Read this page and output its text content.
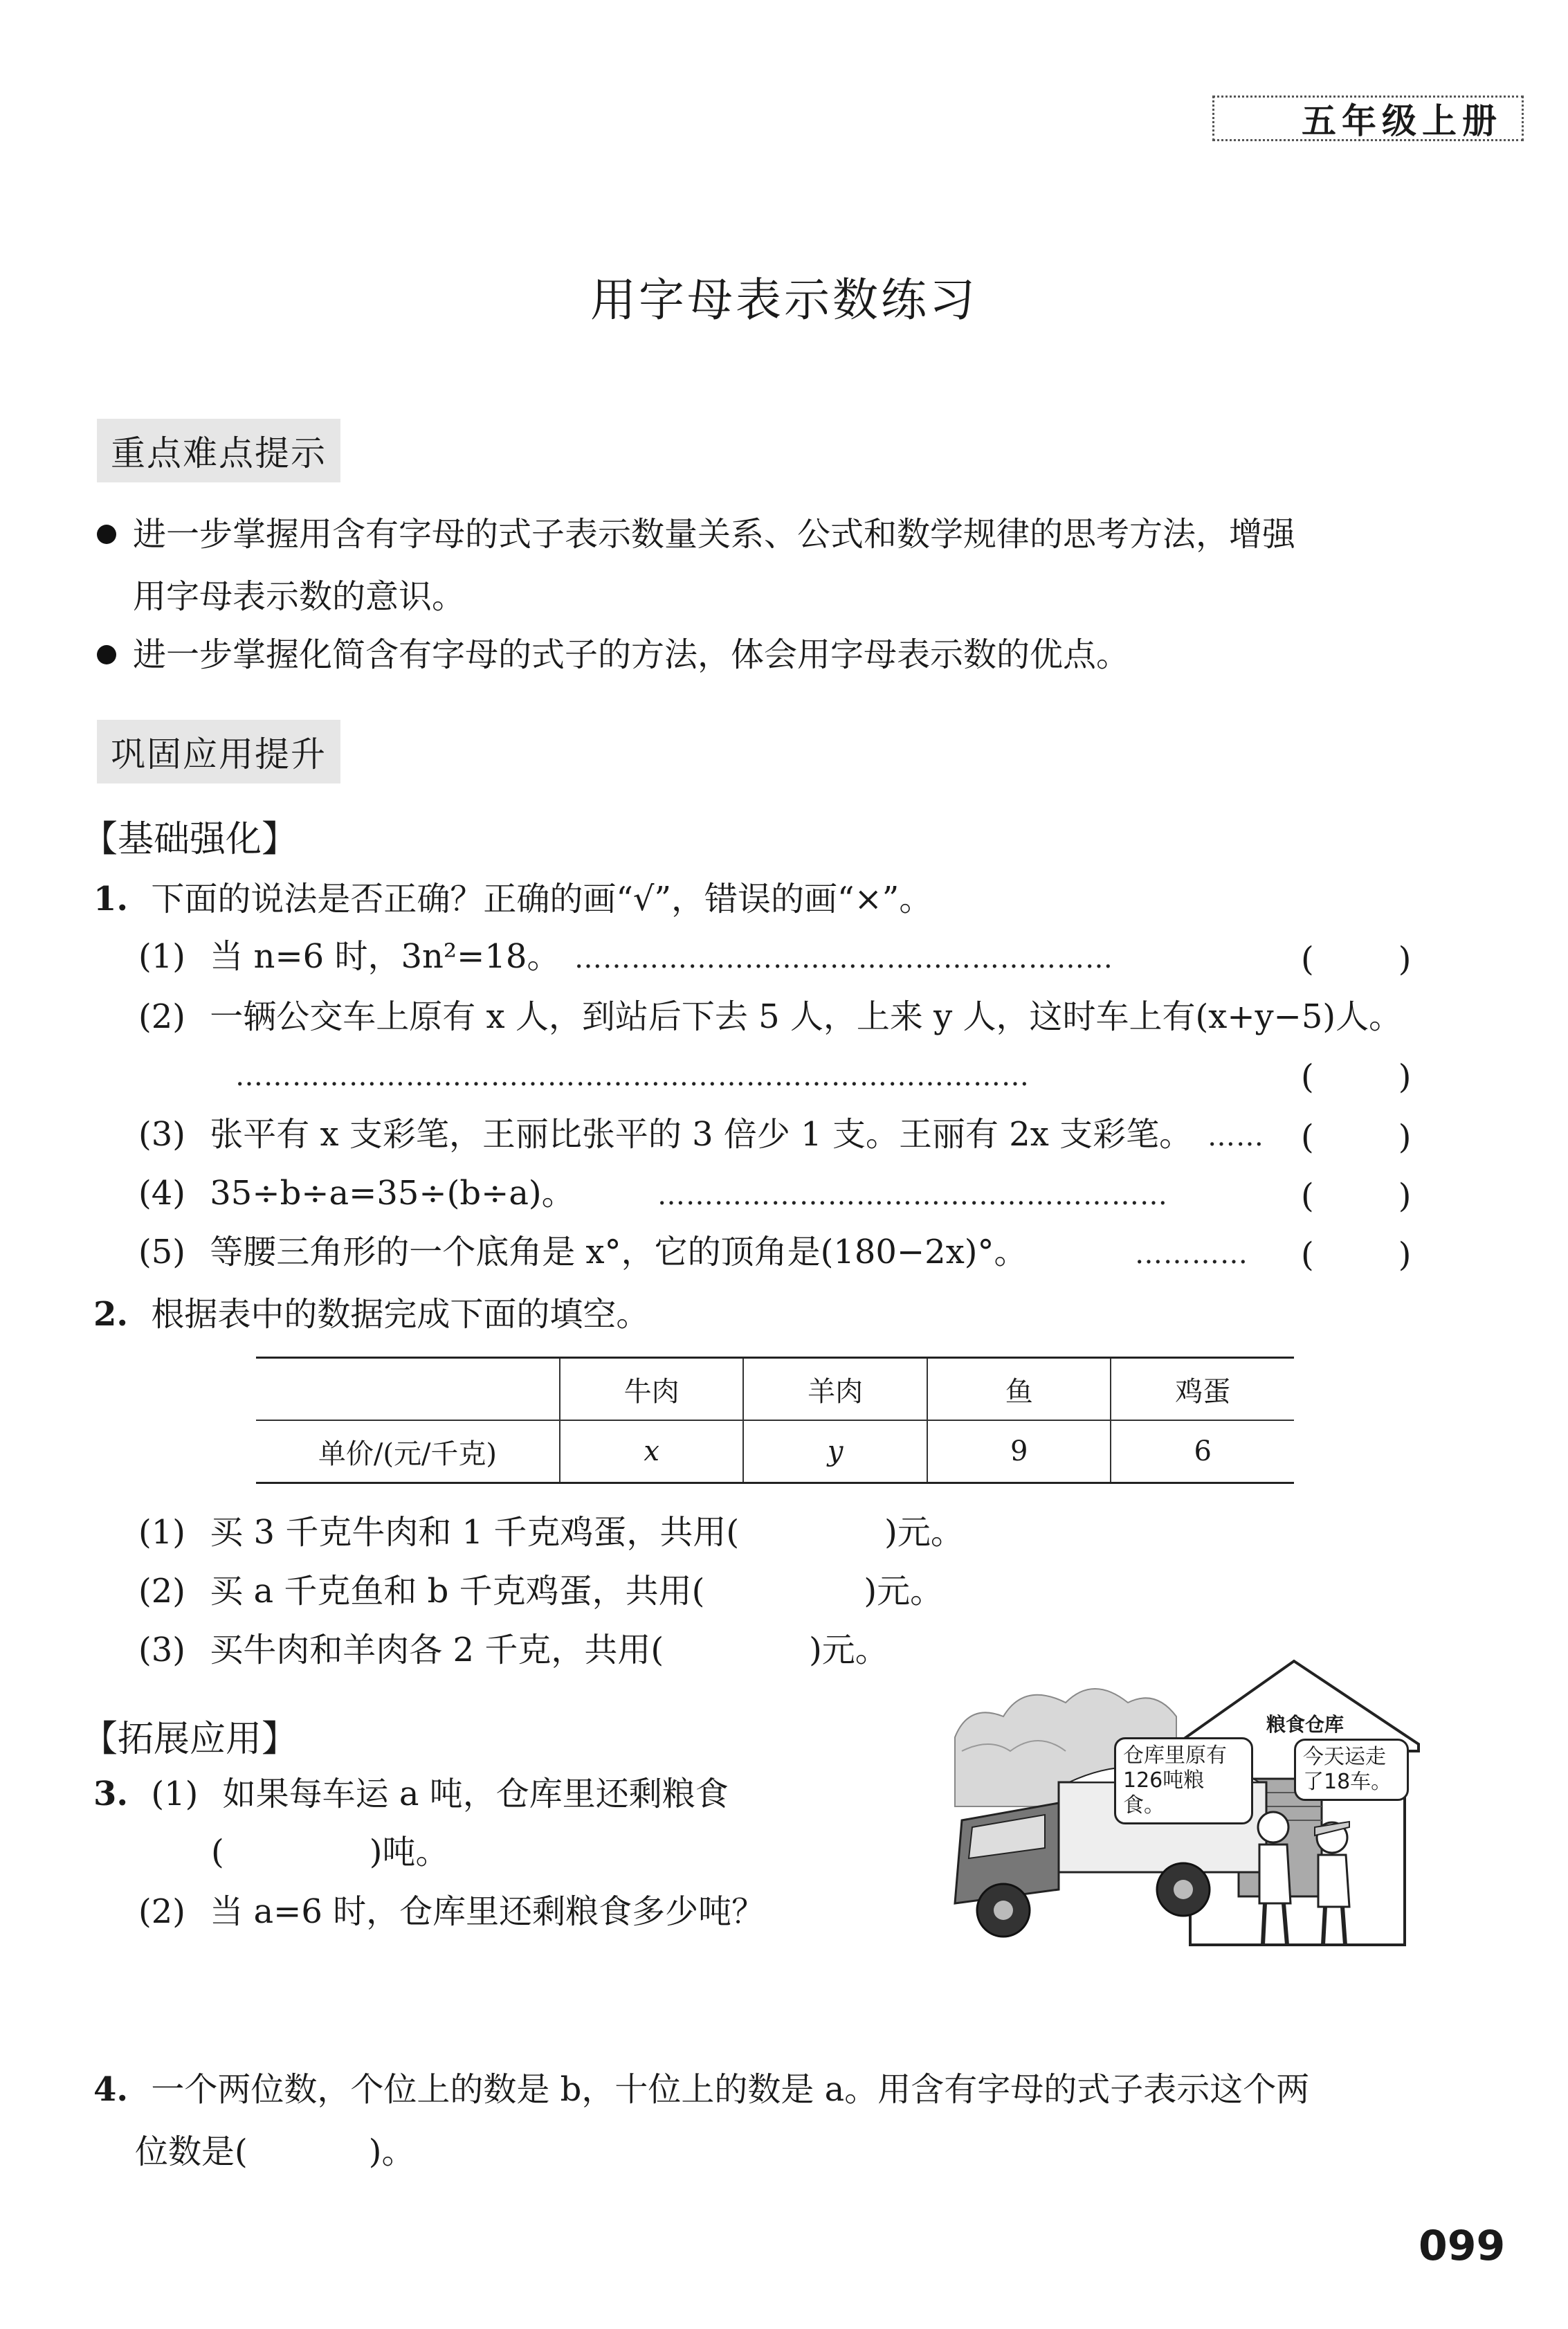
五年级上册
用字母表示数练习
重点难点提示
进一步掌握用含有字母的式子表示数量关系、公式和数学规律的思考方法，增强
用字母表示数的意识。
进一步掌握化简含有字母的式子的方法，体会用字母表示数的优点。
巩固应用提升
【基础强化】
1. 下面的说法是否正确？正确的画“√”，错误的画“×”。
(1) 当 n=6 时，3n²=18。 …………………………………………………	(        )
(2) 一辆公交车上原有 x 人，到站后下去 5 人，上来 y 人，这时车上有(x+y−5)人。
…………………………………………………………………………	(        )
(3) 张平有 x 支彩笔，王丽比张平的 3 倍少 1 支。王丽有 2x 支彩笔。 …… (        )
(4) 35÷b÷a=35÷(b÷a)。	………………………………………………	(        )
(5) 等腰三角形的一个底角是 x°，它的顶角是(180−2x)°。	………… (        )
2. 根据表中的数据完成下面的填空。
	牛肉	羊肉	鱼	鸡蛋
单价/(元/千克)	x	y	9	6
(1) 买 3 千克牛肉和 1 千克鸡蛋，共用(	)元。
(2) 买 a 千克鱼和 b 千克鸡蛋，共用(	)元。
(3) 买牛肉和羊肉各 2 千克，共用(	)元。
【拓展应用】
3. (1) 如果每车运 a 吨，仓库里还剩粮食
(	)吨。
(2) 当 a=6 时，仓库里还剩粮食多少吨？
粮食仓库
仓库里原有126吨粮食。
今天运走了18车。
4. 一个两位数，个位上的数是 b，十位上的数是 a。用含有字母的式子表示这个两
位数是(	)。
099
